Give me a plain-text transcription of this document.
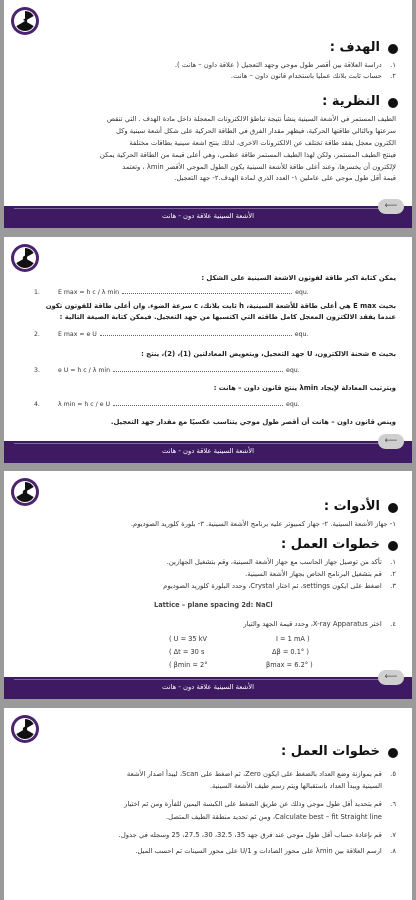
الهدف :
١. دراسة العلاقة بين أقصر طول موجي وجهد التعجيل ( علاقة داون – هانت ).
٢. حساب ثابت بلانك عمليا باستخدام قانون داون – هانت.
النظرية :
الطيف المستمر في الأشعة السينية ينشأ نتيجة تباطؤ الالكترونات المعجلة داخل مادة الهدف . التي تنقص
سرعتها وبالتالي طاقتها الحركية، فيظهر مقدار الفرق في الطاقة الحركية على شكل أشعة سينية وكل
الكترون معجل يفقد طاقة تختلف عن الالكترونات الاخرى، لذلك ينتج اشعة سينية بطاقات مختلفة
فينتج الطيف المستمر، ولكن لهذا الطيف المستمر طاقة عظمى، وهي أعلى قيمة من الطاقة الحركية يمكن
لإلكترون أن يخسرها، وعند أعلى طاقة للأشعة السينية يكون الطول الموجي الأقصر λmin ، وتعتمد
قيمة أقل طول موجي على عاملين ١- العدد الذري لمادة الهدف.٢- جهد التعجيل.
⟵
الأشعة السينية علاقة دون - هانت
يمكن كتابة اكبر طاقة لفوتون الاشعة السينية على الشكل :
1.	E max = h c / λ min	equ.
بحيث E max هي أعلى طاقة للأشعة السينية، h ثابت بلانك، c سرعة الضوء. وان أعلى طاقة للفوتون تكون
عندما يفقد الالكترون المعجل كامل طاقته التي اكتسبها من جهد التعجيل. فيمكن كتابة الصيغة التالية :
2.	E max = e U	equ.
بحيث e شحنة الالكترون، U جهد التعجيل، وبتعويض المعادلتين (1)، (2)، ينتج :
3.	e U = h c / λ min	equ.
وبترتيب المعادلة لإيجاد λmin ينتج قانون داون – هانت :
4.	λ min = h c / e U	equ.
وينص قانون داون – هانت أن أقصر طول موجي يتناسب عكسيًا مع مقدار جهد التعجيل.
⟵
الأشعة السينية علاقة دون - هانت
الأدوات :
١- جهاز الأشعة السينية. ٢- جهاز كمبيوتر عليه برنامج الأشعة السينية. ٣- بلورة كلوريد الصوديوم.
خطوات العمل :
١. تأكد من توصيل جهاز الحاسب مع جهاز الأشعة السينية، وقم بتشغيل الجهازين.
٢. قم بتشغيل البرنامج الخاص بجهاز الأشعة السينية.
٣. اضغط على ايكون settings، ثم اختار Crystal، وحدد البلورة كلوريد الصوديوم
Lattice – plane spacing 2d: NaCl
٤. اختر X-ray Apparatus، وحدد قيمة الجهد والتيار
( U = 35 kV	I = 1 mA )
( Δt = 30 s	Δβ = 0.1° )
( βmin = 2°	βmax = 6.2° )
⟵
الأشعة السينية علاقة دون - هانت
خطوات العمل :
٥. قم بموازنة وضع العداد بالضغط على ايكون Zero، ثم اضغط على Scan، ليبدأ اصدار الأشعة
السينية ويبدأ العداد باستقبالها ويتم رسم طيف الأشعة السينية.
٦. قم بتحديد أقل طول موجي وذلك عن طريق الضغط على الكبسة اليمين للفأرة ومن ثم اختيار
Calculate best – fit Straight line، ومن ثم تحديد منطقة الطيف المتصل.
٧. قم بإعادة حساب أقل طول موجي عند فرق جهد 35، 32.5، 30، 27.5، 25 وسجله في جدول.
٨. ارسم العلاقة بين λmin على محور الصادات و 1/U على محور السينات ثم احسب الميل.
